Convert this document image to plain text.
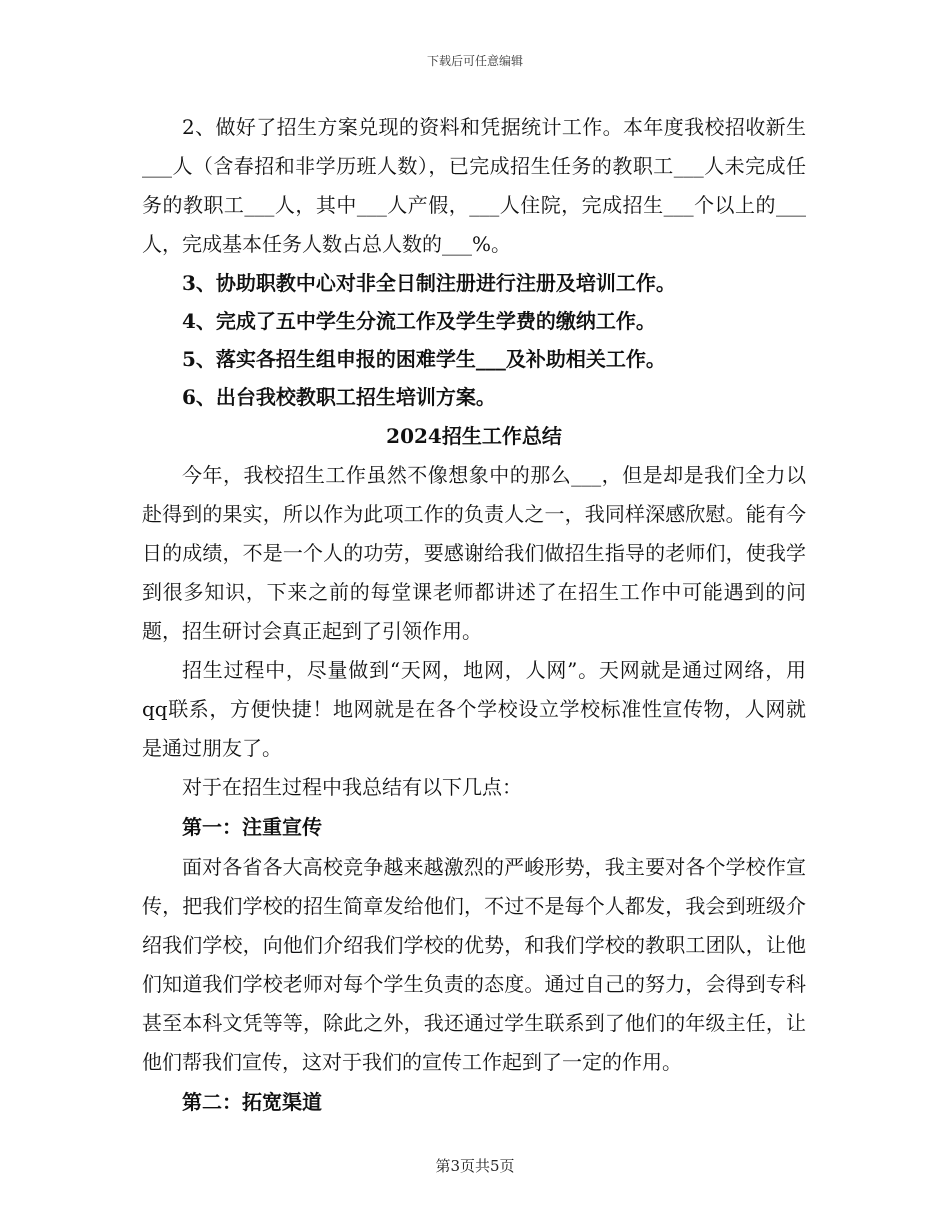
下载后可任意编辑

2、做好了招生方案兑现的资料和凭据统计工作。本年度我校招收新生___人（含春招和非学历班人数），已完成招生任务的教职工___人未完成任务的教职工___人，其中___人产假，___人住院，完成招生___个以上的___人，完成基本任务人数占总人数的___%。

3、协助职教中心对非全日制注册进行注册及培训工作。

4、完成了五中学生分流工作及学生学费的缴纳工作。

5、落实各招生组申报的困难学生___及补助相关工作。

6、出台我校教职工招生培训方案。

2024招生工作总结

今年，我校招生工作虽然不像想象中的那么___，但是却是我们全力以赴得到的果实，所以作为此项工作的负责人之一，我同样深感欣慰。能有今日的成绩，不是一个人的功劳，要感谢给我们做招生指导的老师们，使我学到很多知识，下来之前的每堂课老师都讲述了在招生工作中可能遇到的问题，招生研讨会真正起到了引领作用。

招生过程中，尽量做到“天网，地网，人网”。天网就是通过网络，用qq联系，方便快捷！地网就是在各个学校设立学校标准性宣传物，人网就是通过朋友了。

对于在招生过程中我总结有以下几点：

第一：注重宣传

面对各省各大高校竞争越来越激烈的严峻形势，我主要对各个学校作宣传，把我们学校的招生简章发给他们，不过不是每个人都发，我会到班级介绍我们学校，向他们介绍我们学校的优势，和我们学校的教职工团队，让他们知道我们学校老师对每个学生负责的态度。通过自己的努力，会得到专科甚至本科文凭等等，除此之外，我还通过学生联系到了他们的年级主任，让他们帮我们宣传，这对于我们的宣传工作起到了一定的作用。

第二：拓宽渠道

第3页共5页
